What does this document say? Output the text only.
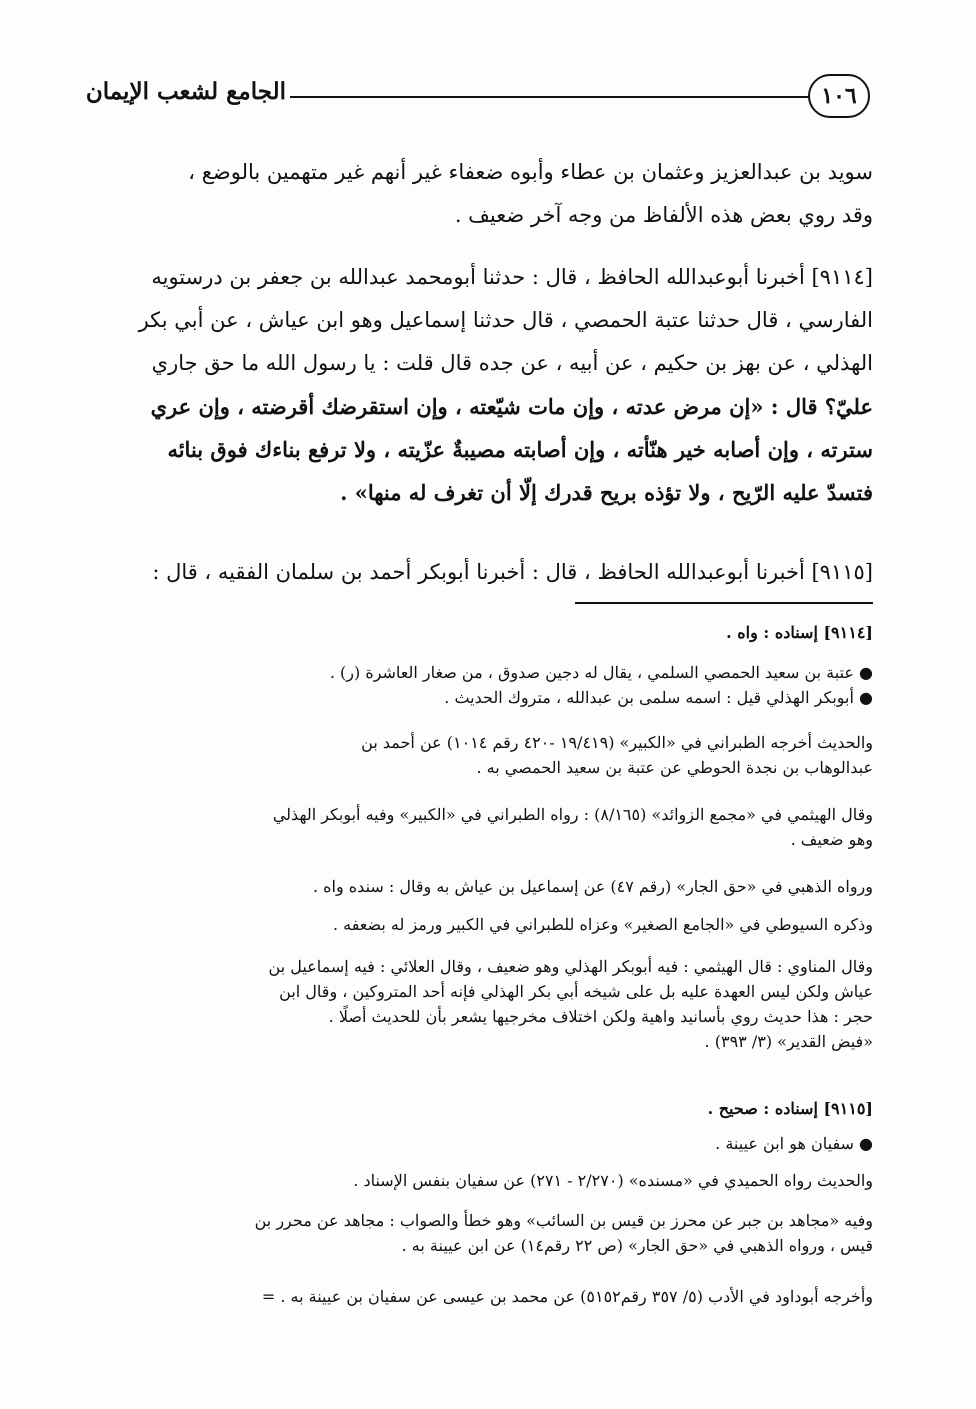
١٠٦
الجامع لشعب الإيمان
سويد بن عبدالعزيز وعثمان بن عطاء وأبوه ضعفاء غير أنهم غير متهمين بالوضع ،
وقد روي بعض هذه الألفاظ من وجه آخر ضعيف .
[٩١١٤] أخبرنا أبوعبدالله الحافظ ، قال : حدثنا أبومحمد عبدالله بن جعفر بن درستويه
الفارسي ، قال حدثنا عتبة الحمصي ، قال حدثنا إسماعيل وهو ابن عياش ، عن أبي بكر
الهذلي ، عن بهز بن حكيم ، عن أبيه ، عن جده قال قلت : يا رسول الله ما حق جاري
عليّ؟ قال : «إن مرض عدته ، وإن مات شيّعته ، وإن استقرضك أقرضته ، وإن عري
سترته ، وإن أصابه خير هنّأته ، وإن أصابته مصيبةٌ عزّيته ، ولا ترفع بناءك فوق بنائه
فتسدّ عليه الرّيح ، ولا تؤذه بريح قدرك إلّا أن تغرف له منها» .
[٩١١٥] أخبرنا أبوعبدالله الحافظ ، قال : أخبرنا أبوبكر أحمد بن سلمان الفقيه ، قال :
[٩١١٤] إسناده : واه .
● عتبة بن سعيد الحمصي السلمي ، يقال له دجين صدوق ، من صغار العاشرة (ر) .
● أبوبكر الهذلي قيل : اسمه سلمى بن عبدالله ، متروك الحديث .
والحديث أخرجه الطبراني في «الكبير» (١٩/٤١٩ -٤٢٠ رقم ١٠١٤) عن أحمد بن
عبدالوهاب بن نجدة الحوطي عن عتبة بن سعيد الحمصي به .
وقال الهيثمي في «مجمع الزوائد» (٨/١٦٥) : رواه الطبراني في «الكبير» وفيه أبوبكر الهذلي
وهو ضعيف .
ورواه الذهبي في «حق الجار» (رقم ٤٧) عن إسماعيل بن عياش به وقال : سنده واه .
وذكره السيوطي في «الجامع الصغير» وعزاه للطبراني في الكبير ورمز له بضعفه .
وقال المناوي : قال الهيثمي : فيه أبوبكر الهذلي وهو ضعيف ، وقال العلائي : فيه إسماعيل بن
عياش ولكن ليس العهدة عليه بل على شيخه أبي بكر الهذلي فإنه أحد المتروكين ، وقال ابن
حجر : هذا حديث روي بأسانيد واهية ولكن اختلاف مخرجيها يشعر بأن للحديث أصلًا .
«فيض القدير» (٣/ ٣٩٣) .
[٩١١٥] إسناده : صحيح .
● سفيان هو ابن عيينة .
والحديث رواه الحميدي في «مسنده» (٢/٢٧٠ - ٢٧١) عن سفيان بنفس الإسناد .
وفيه «مجاهد بن جبر عن محرز بن قيس بن السائب» وهو خطأ والصواب : مجاهد عن محرر بن
قيس ، ورواه الذهبي في «حق الجار» (ص ٢٢ رقم١٤) عن ابن عيينة به .
وأخرجه أبوداود في الأدب (٥/ ٣٥٧ رقم٥١٥٢) عن محمد بن عيسى عن سفيان بن عيينة به . =
